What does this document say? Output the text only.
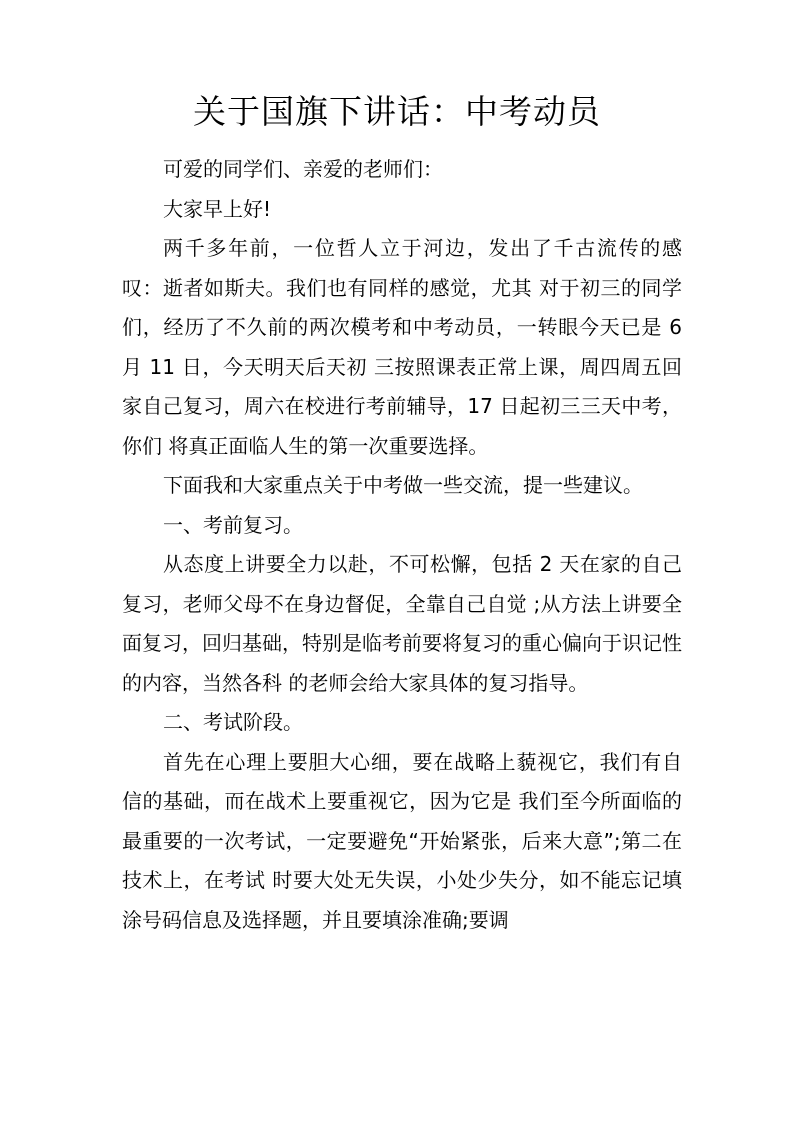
关于国旗下讲话：中考动员

可爱的同学们、亲爱的老师们：

大家早上好!

两千多年前，一位哲人立于河边，发出了千古流传的感叹：逝者如斯夫。我们也有同样的感觉，尤其 对于初三的同学们，经历了不久前的两次模考和中考动员，一转眼今天已是 6 月 11 日，今天明天后天初 三按照课表正常上课，周四周五回家自己复习，周六在校进行考前辅导，17 日起初三三天中考，你们 将真正面临人生的第一次重要选择。

下面我和大家重点关于中考做一些交流，提一些建议。

一、考前复习。

从态度上讲要全力以赴，不可松懈，包括 2 天在家的自己复习，老师父母不在身边督促，全靠自己自觉 ;从方法上讲要全面复习，回归基础，特别是临考前要将复习的重心偏向于识记性的内容，当然各科 的老师会给大家具体的复习指导。

二、考试阶段。

首先在心理上要胆大心细，要在战略上藐视它，我们有自信的基础，而在战术上要重视它，因为它是 我们至今所面临的最重要的一次考试，一定要避免“开始紧张，后来大意”;第二在技术上，在考试 时要大处无失误，小处少失分，如不能忘记填涂号码信息及选择题，并且要填涂准确;要调
